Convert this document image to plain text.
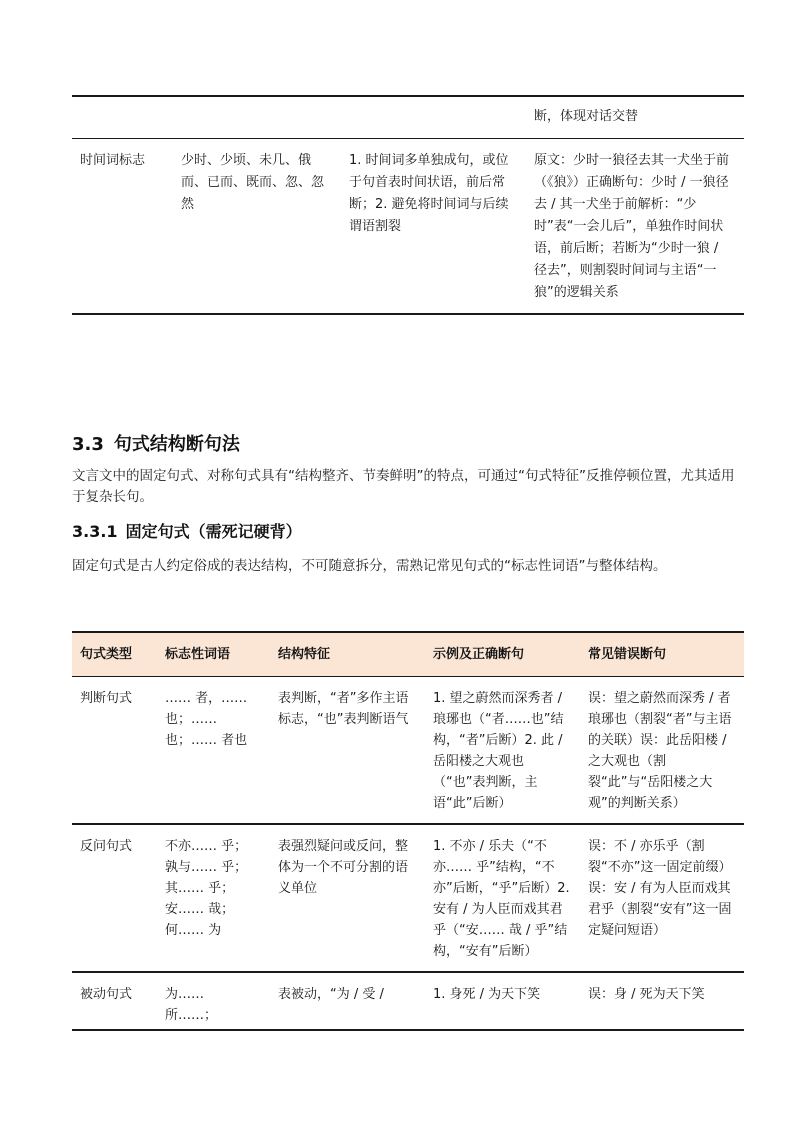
			断，体现对话交替
时间词标志	少时、少顷、未几、俄而、已而、既而、忽、忽然	1. 时间词多单独成句，或位于句首表时间状语，前后常断；2. 避免将时间词与后续谓语割裂	原文：少时一狼径去其一犬坐于前（《狼》）正确断句：少时 / 一狼径去 / 其一犬坐于前解析：“少时”表“一会儿后”，单独作时间状语，前后断；若断为“少时一狼 / 径去”，则割裂时间词与主语“一狼”的逻辑关系
3.3 句式结构断句法

文言文中的固定句式、对称句式具有“结构整齐、节奏鲜明”的特点，可通过“句式特征”反推停顿位置，尤其适用于复杂长句。

3.3.1 固定句式（需死记硬背）

固定句式是古人约定俗成的表达结构，不可随意拆分，需熟记常见句式的“标志性词语”与整体结构。

句式类型	标志性词语	结构特征	示例及正确断句	常见错误断句
判断句式	…… 者，……
也；……
也；…… 者也	表判断，“者”多作主语标志，“也”表判断语气	1. 望之蔚然而深秀者 / 琅琊也（“者……也”结构，“者”后断）2. 此 / 岳阳楼之大观也（“也”表判断，主语“此”后断）	误：望之蔚然而深秀 / 者琅琊也（割裂“者”与主语的关联）误：此岳阳楼 / 之大观也（割裂“此”与“岳阳楼之大观”的判断关系）
反问句式	不亦…… 乎；
孰与…… 乎；
其…… 乎；
安…… 哉；
何…… 为	表强烈疑问或反问，整体为一个不可分割的语义单位	1. 不亦 / 乐夫（“不亦…… 乎”结构，“不亦”后断，“乎”后断）2. 安有 / 为人臣而戏其君乎（“安…… 哉 / 乎”结构，“安有”后断）	误：不 / 亦乐乎（割裂“不亦”这一固定前缀）误：安 / 有为人臣而戏其君乎（割裂“安有”这一固定疑问短语）
被动句式	为…… 所……；	表被动，“为 / 受 /	1. 身死 / 为天下笑	误：身 / 死为天下笑
